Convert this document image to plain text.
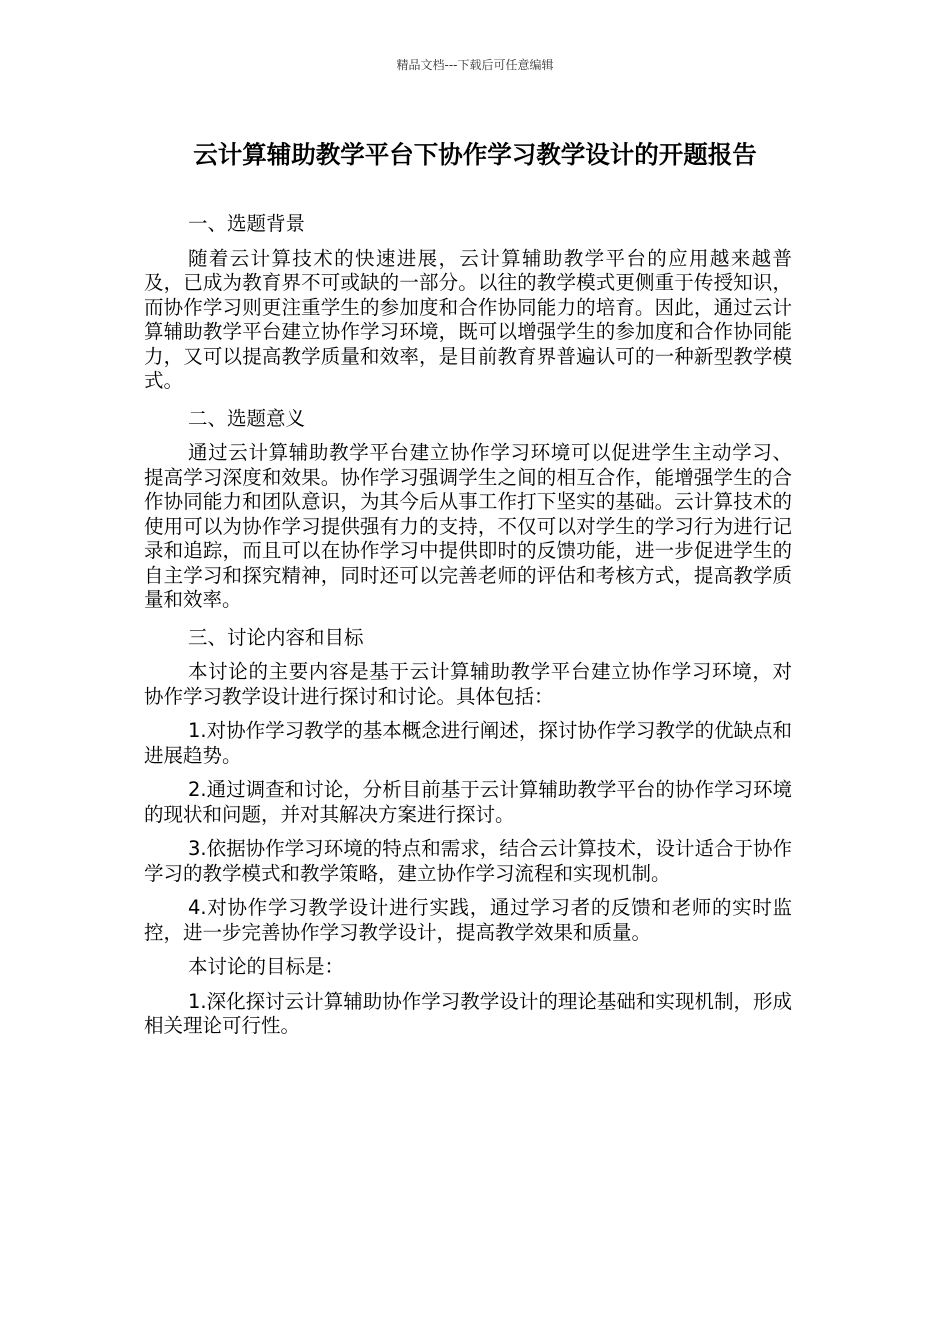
精品文档---下载后可任意编辑
云计算辅助教学平台下协作学习教学设计的开题报告

一、选题背景

随着云计算技术的快速进展，云计算辅助教学平台的应用越来越普及，已成为教育界不可或缺的一部分。以往的教学模式更侧重于传授知识，而协作学习则更注重学生的参加度和合作协同能力的培育。因此，通过云计算辅助教学平台建立协作学习环境，既可以增强学生的参加度和合作协同能力，又可以提高教学质量和效率，是目前教育界普遍认可的一种新型教学模式。

二、选题意义

通过云计算辅助教学平台建立协作学习环境可以促进学生主动学习、提高学习深度和效果。协作学习强调学生之间的相互合作，能增强学生的合作协同能力和团队意识，为其今后从事工作打下坚实的基础。云计算技术的使用可以为协作学习提供强有力的支持，不仅可以对学生的学习行为进行记录和追踪，而且可以在协作学习中提供即时的反馈功能，进一步促进学生的自主学习和探究精神，同时还可以完善老师的评估和考核方式，提高教学质量和效率。

三、讨论内容和目标

本讨论的主要内容是基于云计算辅助教学平台建立协作学习环境，对协作学习教学设计进行探讨和讨论。具体包括：

1.对协作学习教学的基本概念进行阐述，探讨协作学习教学的优缺点和进展趋势。

2.通过调查和讨论，分析目前基于云计算辅助教学平台的协作学习环境的现状和问题，并对其解决方案进行探讨。

3.依据协作学习环境的特点和需求，结合云计算技术，设计适合于协作学习的教学模式和教学策略，建立协作学习流程和实现机制。

4.对协作学习教学设计进行实践，通过学习者的反馈和老师的实时监控，进一步完善协作学习教学设计，提高教学效果和质量。

本讨论的目标是：

1.深化探讨云计算辅助协作学习教学设计的理论基础和实现机制，形成相关理论可行性。
